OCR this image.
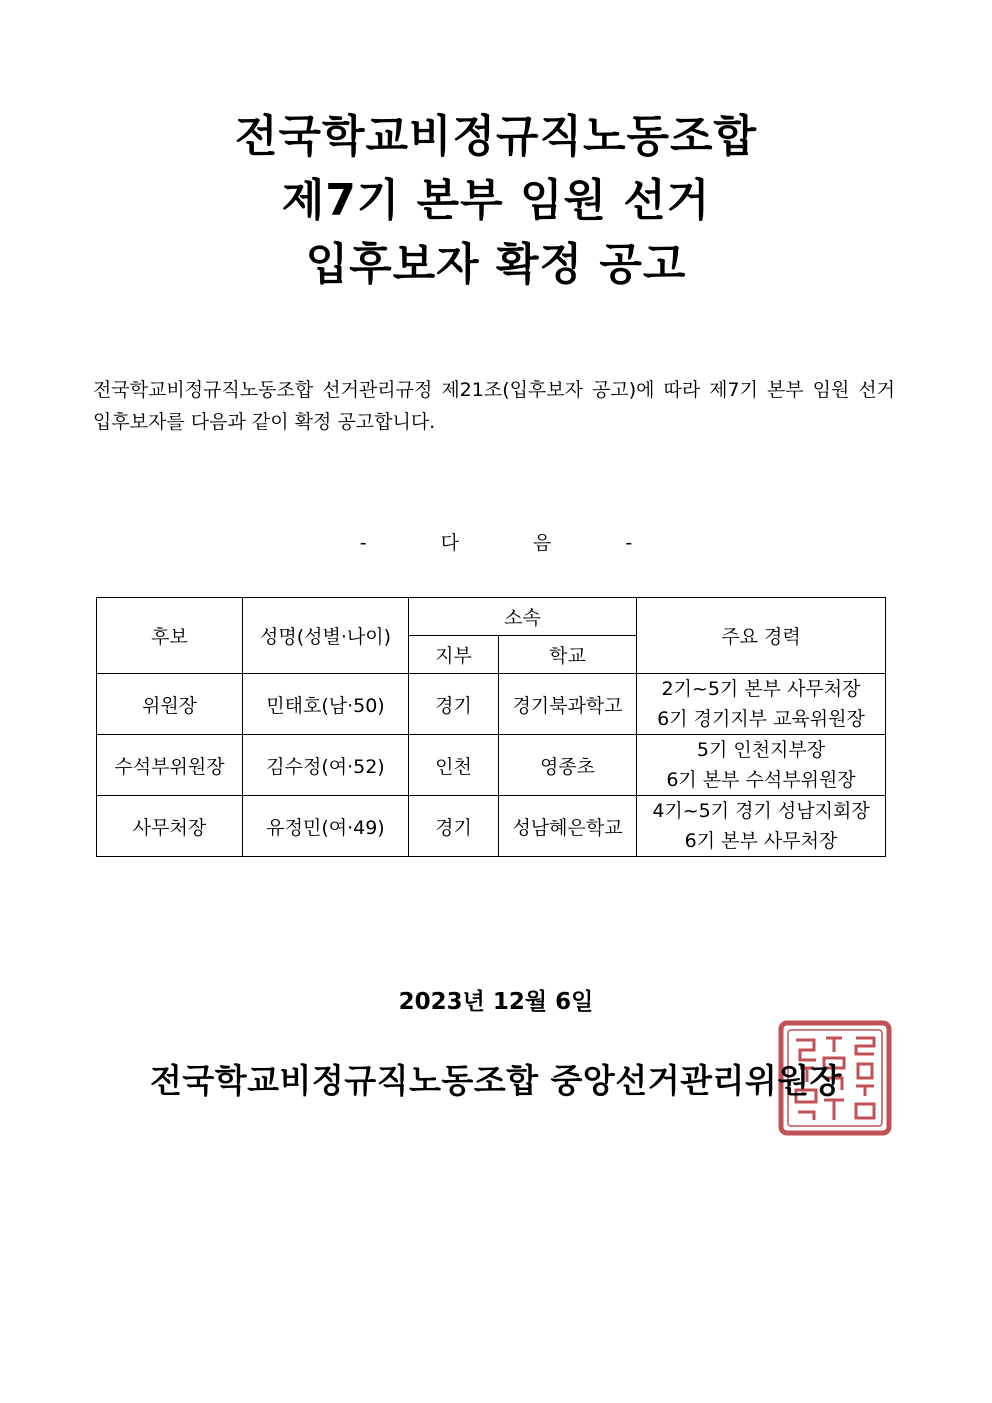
전국학교비정규직노동조합
제7기 본부 임원 선거
입후보자 확정 공고
전국학교비정규직노동조합 선거관리규정 제21조(입후보자 공고)에 따라 제7기 본부 임원 선거
입후보자를 다음과 같이 확정 공고합니다.
- 다 음 -
후보	성명(성별·나이)	소속		주요 경력
		지부	학교	
위원장	민태호(남·50)	경기	경기북과학고	2기~5기 본부 사무처장
6기 경기지부 교육위원장

수석부위원장	김수정(여·52)	인천	영종초	5기 인천지부장
6기 본부 수석부위원장

사무처장	유정민(여·49)	경기	성남혜은학교	4기~5기 경기 성남지회장
6기 본부 사무처장
2023년 12월 6일
전국학교비정규직노동조합 중앙선거관리위원장
